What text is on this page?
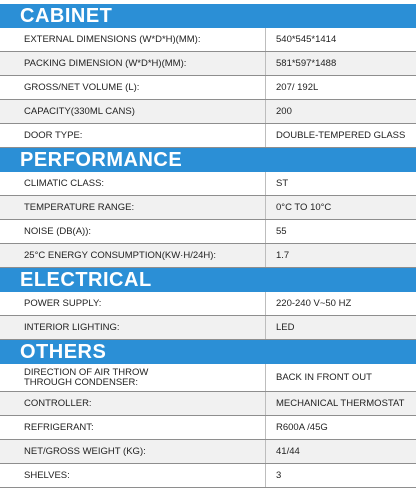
CABINET
EXTERNAL DIMENSIONS (W*D*H)(MM):	540*545*1414
PACKING DIMENSION (W*D*H)(MM):	581*597*1488
GROSS/NET VOLUME (L):	207/ 192L
CAPACITY(330ML CANS)	200
DOOR TYPE:	DOUBLE-TEMPERED GLASS
PERFORMANCE
CLIMATIC CLASS:	ST
TEMPERATURE RANGE:	0°C TO 10°C
NOISE (DB(A)):	55
25°C ENERGY CONSUMPTION(KW·H/24H):	1.7
ELECTRICAL
POWER SUPPLY:	220-240 V~50 HZ
INTERIOR LIGHTING:	LED
OTHERS
DIRECTION OF AIR THROW
THROUGH CONDENSER:	BACK IN FRONT OUT
CONTROLLER:	MECHANICAL THERMOSTAT
REFRIGERANT:	R600A /45G
NET/GROSS WEIGHT (KG):	41/44
SHELVES:	3
